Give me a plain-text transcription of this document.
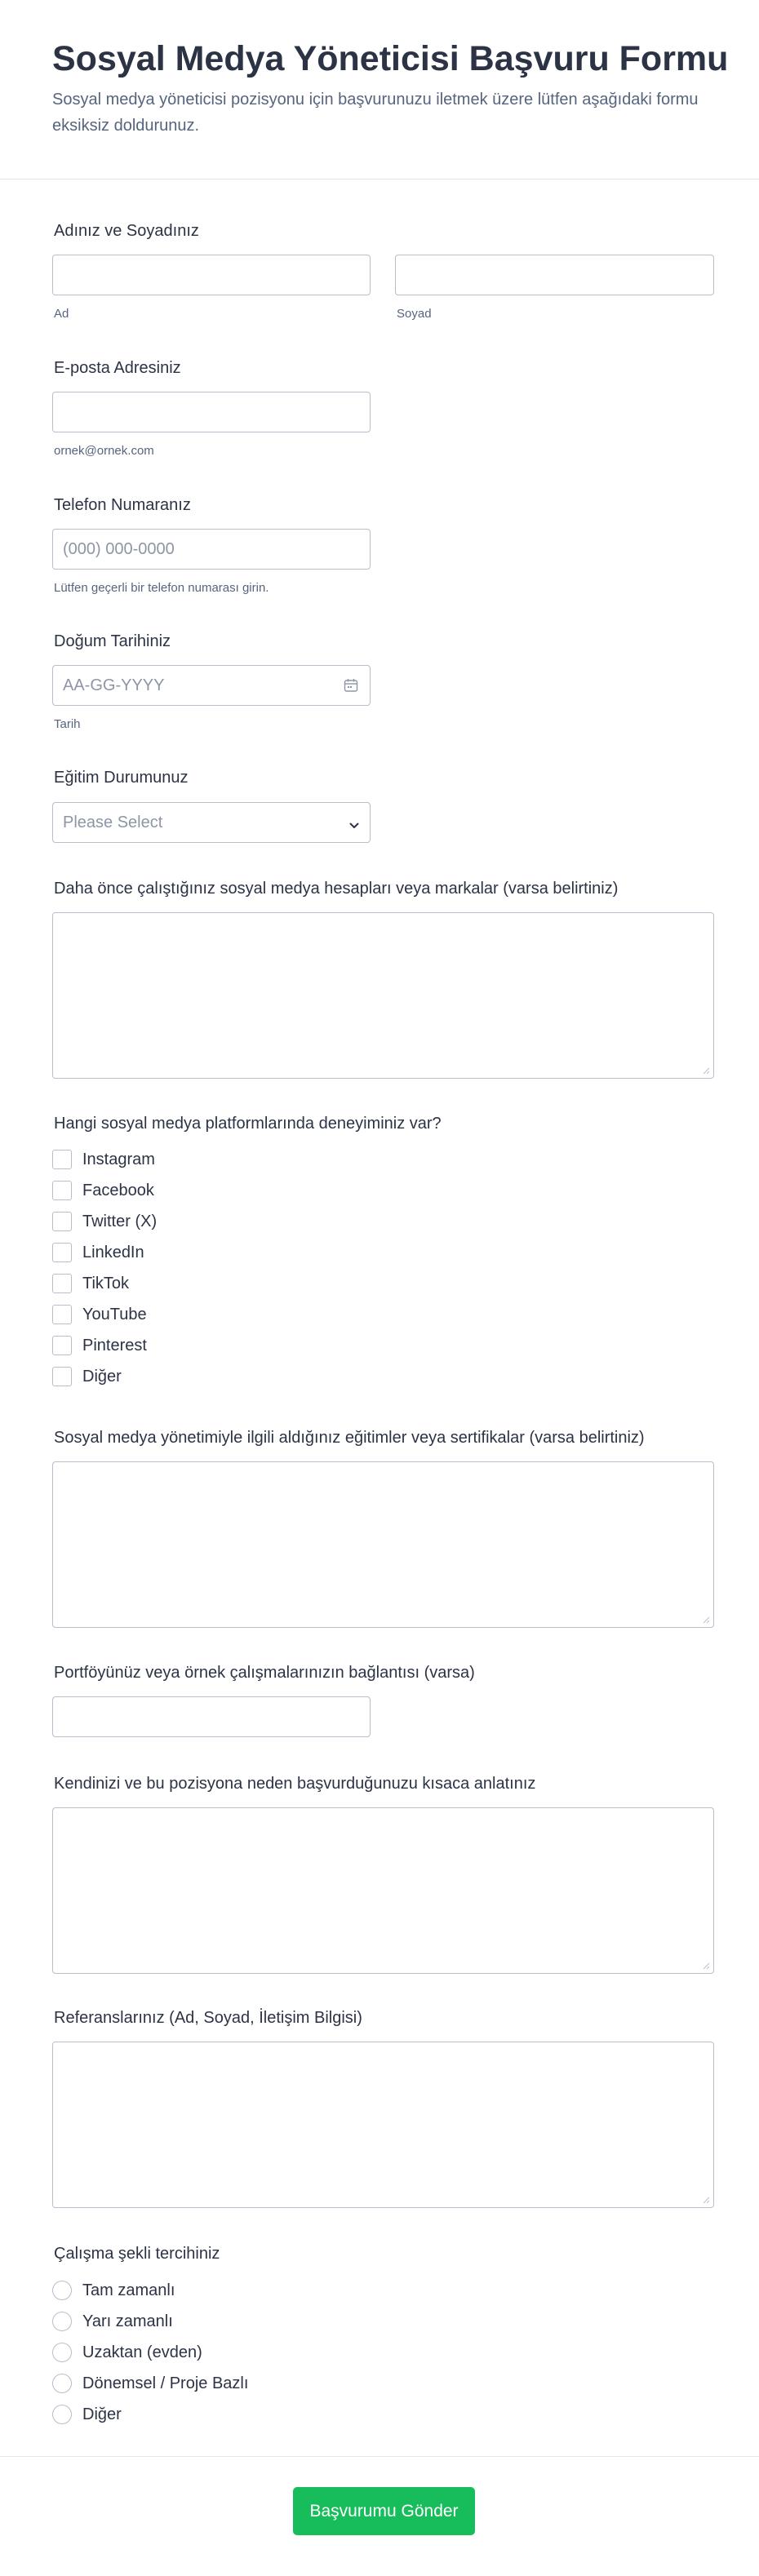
Sosyal Medya Yöneticisi Başvuru Formu
Sosyal medya yöneticisi pozisyonu için başvurunuzu iletmek üzere lütfen aşağıdaki formu eksiksiz doldurunuz.
Adınız ve Soyadınız
Ad	Soyad
E-posta Adresiniz
ornek@ornek.com
Telefon Numaranız
(000) 000-0000
Lütfen geçerli bir telefon numarası girin.
Doğum Tarihiniz
AA-GG-YYYY
Tarih
Eğitim Durumunuz
Please Select
Daha önce çalıştığınız sosyal medya hesapları veya markalar (varsa belirtiniz)
Hangi sosyal medya platformlarında deneyiminiz var?
Instagram
Facebook
Twitter (X)
LinkedIn
TikTok
YouTube
Pinterest
Diğer
Sosyal medya yönetimiyle ilgili aldığınız eğitimler veya sertifikalar (varsa belirtiniz)
Portföyünüz veya örnek çalışmalarınızın bağlantısı (varsa)
Kendinizi ve bu pozisyona neden başvurduğunuzu kısaca anlatınız
Referanslarınız (Ad, Soyad, İletişim Bilgisi)
Çalışma şekli tercihiniz
Tam zamanlı
Yarı zamanlı
Uzaktan (evden)
Dönemsel / Proje Bazlı
Diğer
Başvurumu Gönder
